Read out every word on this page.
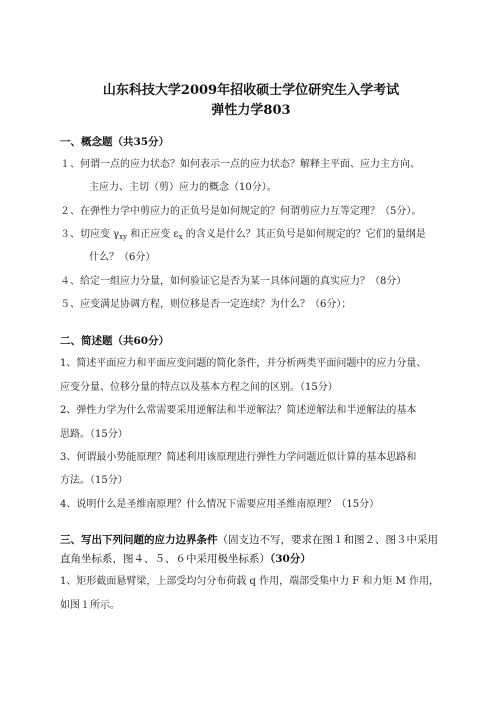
山东科技大学2009年招收硕士学位研究生入学考试
弹性力学803
一、概念题（共35分）
１、何谓一点的应力状态？如何表示一点的应力状态？解释主平面、应力主方向、
主应力、主切（剪）应力的概念（10分）。
２、在弹性力学中剪应力的正负号是如何规定的？何谓剪应力互等定理？（5分）。
３、切应变 $\gamma_{xy}$ 和正应变 $\varepsilon_x$ 的含义是什么？其正负号是如何规定的？它们的量纲是
什么？（6分）
４、给定一组应力分量，如何验证它是否为某一具体问题的真实应力？（8分）
５、应变满足协调方程，则位移是否一定连续？为什么？（6分）；
二、简述题（共60分）
1、简述平面应力和平面应变问题的简化条件，并分析两类平面问题中的应力分量、
应变分量、位移分量的特点以及基本方程之间的区别。（15分）
2、弹性力学为什么常需要采用逆解法和半逆解法？简述逆解法和半逆解法的基本
思路。（15分）
3、何谓最小势能原理？简述利用该原理进行弹性力学问题近似计算的基本思路和
方法。（15分）
4、说明什么是圣维南原理？什么情况下需要应用圣维南原理？（15分）
三、写出下列问题的应力边界条件（固支边不写，要求在图１和图２、图３中采用
直角坐标系，图４、５、６中采用极坐标系）（30分）
1、矩形截面悬臂梁，上部受均匀分布荷载 q 作用，端部受集中力 F 和力矩 M 作用，
如图１所示。
